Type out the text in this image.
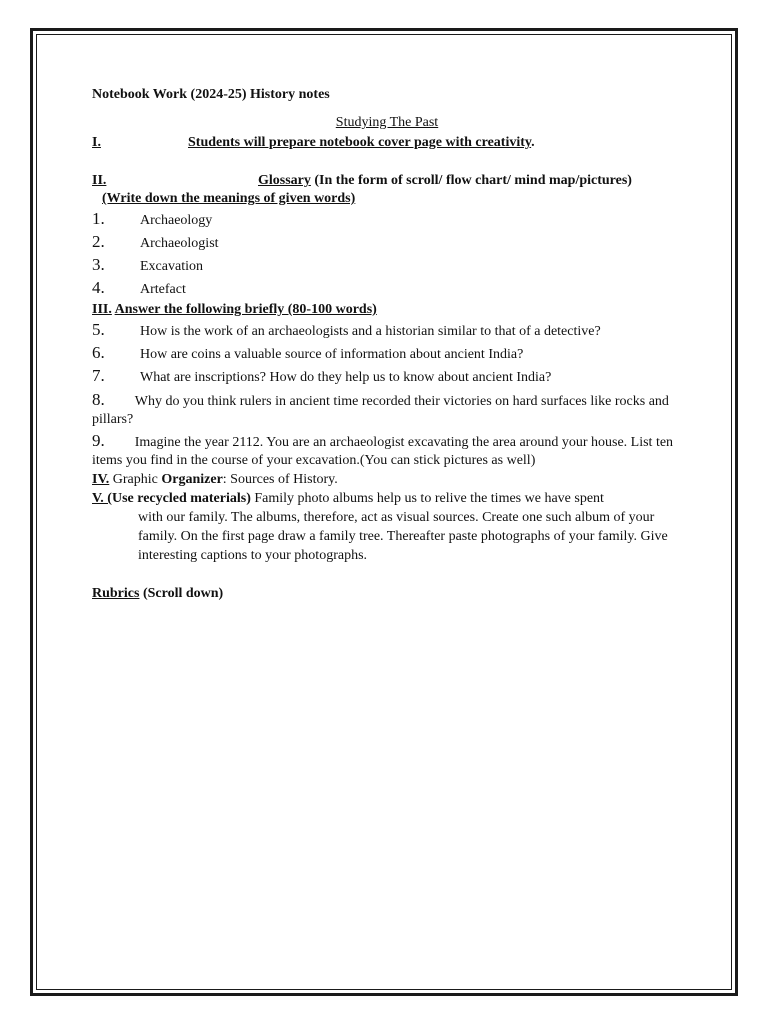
Notebook Work (2024-25) History notes
Studying The Past
I.	Students will prepare notebook cover page with creativity.
II.	Glossary (In the form of scroll/ flow chart/ mind map/pictures)
(Write down the meanings of given words)
1.	Archaeology
2.	Archaeologist
3.	Excavation
4.	Artefact
III. Answer the following briefly (80-100 words)
5.	How is the work of an archaeologists and a historian similar to that of a detective?
6.	How are coins a valuable source of information about ancient India?
7.	What are inscriptions? How do they help us to know about ancient India?
8. Why do you think rulers in ancient time recorded their victories on hard surfaces like rocks and pillars?
9. Imagine the year 2112. You are an archaeologist excavating the area around your house. List ten items you find in the course of your excavation.(You can stick pictures as well)
IV. Graphic Organizer: Sources of History.
V. (Use recycled materials) Family photo albums help us to relive the times we have spent
with our family. The albums, therefore, act as visual sources. Create one such album of your family. On the first page draw a family tree. Thereafter paste photographs of your family. Give interesting captions to your photographs.
Rubrics (Scroll down)
